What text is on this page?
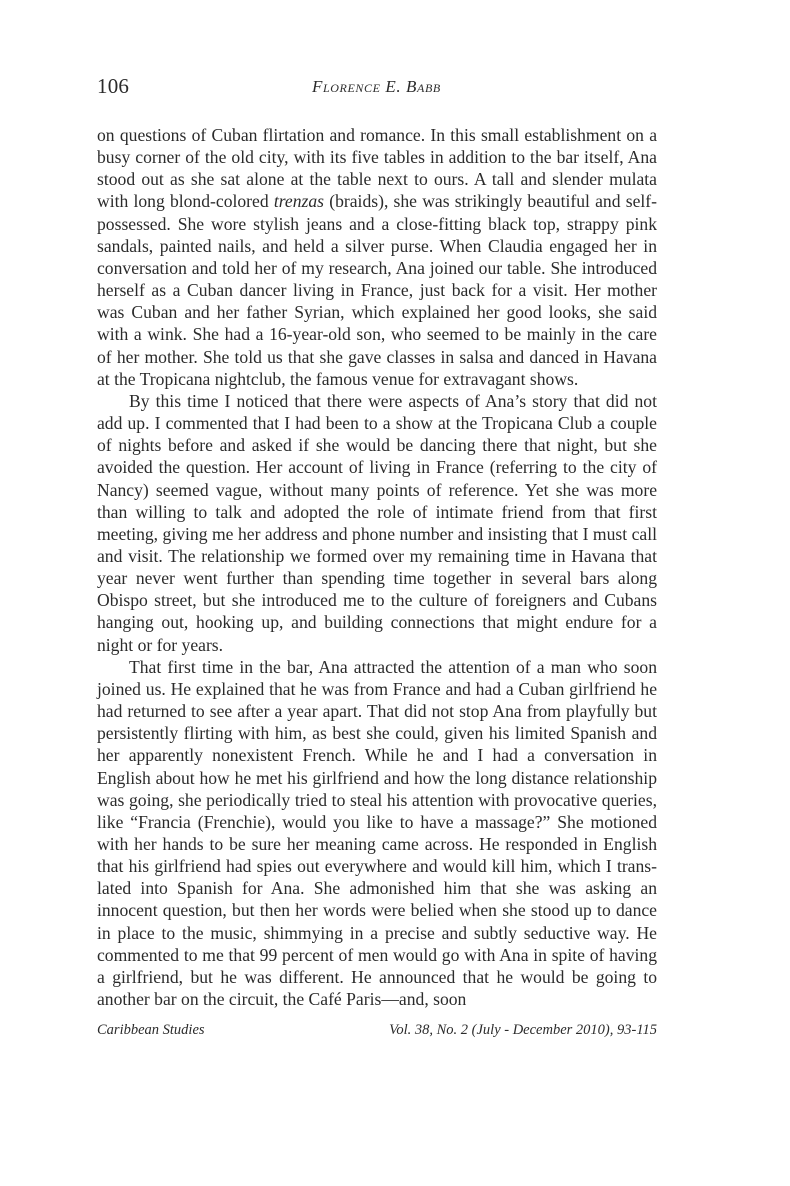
106	Florence E. Babb

on questions of Cuban flirtation and romance. In this small establishment on a busy corner of the old city, with its five tables in addition to the bar itself, Ana stood out as she sat alone at the table next to ours. A tall and slender mulata with long blond-colored trenzas (braids), she was strikingly beautiful and self-possessed. She wore stylish jeans and a close-fitting black top, strappy pink sandals, painted nails, and held a silver purse. When Claudia engaged her in conversation and told her of my research, Ana joined our table. She introduced herself as a Cuban dancer living in France, just back for a visit. Her mother was Cuban and her father Syrian, which explained her good looks, she said with a wink. She had a 16-year-old son, who seemed to be mainly in the care of her mother. She told us that she gave classes in salsa and danced in Havana at the Tropicana nightclub, the famous venue for extravagant shows.

By this time I noticed that there were aspects of Ana’s story that did not add up. I commented that I had been to a show at the Tropicana Club a couple of nights before and asked if she would be dancing there that night, but she avoided the question. Her account of living in France (referring to the city of Nancy) seemed vague, without many points of reference. Yet she was more than willing to talk and adopted the role of intimate friend from that first meeting, giving me her address and phone number and insisting that I must call and visit. The relationship we formed over my remaining time in Havana that year never went further than spending time together in several bars along Obispo street, but she introduced me to the culture of foreigners and Cubans hanging out, hooking up, and building connections that might endure for a night or for years.

That first time in the bar, Ana attracted the attention of a man who soon joined us. He explained that he was from France and had a Cuban girlfriend he had returned to see after a year apart. That did not stop Ana from playfully but persistently flirting with him, as best she could, given his limited Spanish and her apparently nonexistent French. While he and I had a conversation in English about how he met his girlfriend and how the long distance relationship was going, she periodically tried to steal his attention with provocative queries, like “Francia (Frenchie), would you like to have a massage?” She motioned with her hands to be sure her meaning came across. He responded in English that his girlfriend had spies out everywhere and would kill him, which I translated into Spanish for Ana. She admonished him that she was asking an innocent question, but then her words were belied when she stood up to dance in place to the music, shimmying in a precise and subtly seductive way. He commented to me that 99 percent of men would go with Ana in spite of having a girlfriend, but he was different. He announced that he would be going to another bar on the circuit, the Café Paris—and, soon

Caribbean Studies	Vol. 38, No. 2 (July - December 2010), 93-115
